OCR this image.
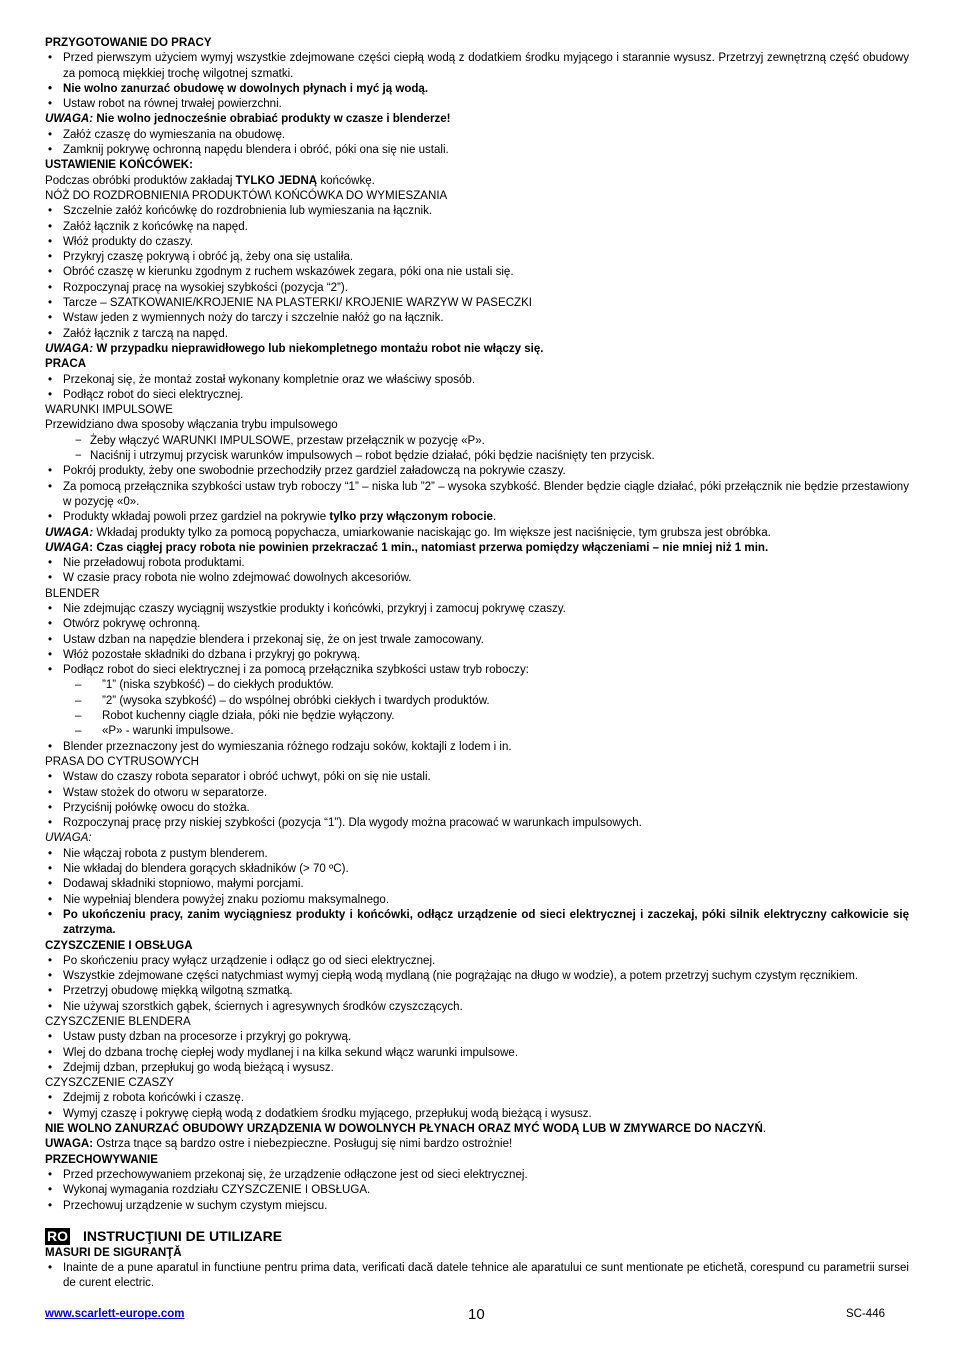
PRZYGOTOWANIE DO PRACY
• Przed pierwszym użyciem wymyj wszystkie zdejmowane części ciepłą wodą z dodatkiem środku myjącego i starannie wysusz. Przetrzyj zewnętrzną część obudowy za pomocą miękkiej trochę wilgotnej szmatki.
• Nie wolno zanurzać obudowę w dowolnych płynach i myć ją wodą.
• Ustaw robot na równej trwałej powierzchni.
UWAGA: Nie wolno jednocześnie obrabiać produkty w czasze i blenderze!
• Załóż czaszę do wymieszania na obudowę.
• Zamknij pokrywę ochronną napędu blendera i obróć, póki ona się nie ustali.
USTAWIENIE KOŃCÓWEK:
Podczas obróbki produktów zakładaj TYLKO JEDNĄ końcówkę.
NÓŻ DO ROZDROBNIENIA PRODUKTÓW\ KOŃCÓWKA DO WYMIESZANIA
• Szczelnie załóż końcówkę do rozdrobnienia lub wymieszania na łącznik.
• Załóż łącznik z końcówkę na napęd.
• Włóż produkty do czaszy.
• Przykryj czaszę pokrywą i obróć ją, żeby ona się ustaliła.
• Obróć czaszę w kierunku zgodnym z ruchem wskazówek zegara, póki ona nie ustali się.
• Rozpoczynaj pracę na wysokiej szybkości (pozycja “2”).
• Tarcze – SZATKOWANIE/KROJENIE NA PLASTERKI/ KROJENIE WARZYW W PASECZKI
• Wstaw jeden z wymiennych noży do tarczy i szczelnie nałóż go na łącznik.
• Załóż łącznik z tarczą na napęd.
UWAGA: W przypadku nieprawidłowego lub niekompletnego montażu robot nie włączy się.
PRACA
• Przekonaj się, że montaż został wykonany kompletnie oraz we właściwy sposób.
• Podłącz robot do sieci elektrycznej.
WARUNKI IMPULSOWE
Przewidziano dwa sposoby włączania trybu impulsowego
− Żeby włączyć WARUNKI IMPULSOWE, przestaw przełącznik w pozycję «P».
− Naciśnij i utrzymuj przycisk warunków impulsowych – robot będzie działać, póki będzie naciśnięty ten przycisk.
• Pokrój produkty, żeby one swobodnie przechodziły przez gardziel załadowczą na pokrywie czaszy.
• Za pomocą przełącznika szybkości ustaw tryb roboczy “1” – niska lub ”2” – wysoka szybkość. Blender będzie ciągle działać, póki przełącznik nie będzie przestawiony w pozycję «0».
• Produkty wkładaj powoli przez gardziel na pokrywie tylko przy włączonym robocie.
UWAGA: Wkładaj produkty tylko za pomocą popychacza, umiarkowanie naciskając go. Im większe jest naciśnięcie, tym grubsza jest obróbka.
UWAGA: Czas ciągłej pracy robota nie powinien przekraczać 1 min., natomiast przerwa pomiędzy włączeniami – nie mniej niż 1 min.
• Nie przeładowuj robota produktami.
• W czasie pracy robota nie wolno zdejmować dowolnych akcesoriów.
BLENDER
• Nie zdejmując czaszy wyciągnij wszystkie produkty i końcówki, przykryj i zamocuj pokrywę czaszy.
• Otwórz pokrywę ochronną.
• Ustaw dzban na napędzie blendera i przekonaj się, że on jest trwale zamocowany.
• Włóż pozostałe składniki do dzbana i przykryj go pokrywą.
• Podłącz robot do sieci elektrycznej i za pomocą przełącznika szybkości ustaw tryb roboczy:
– ”1” (niska szybkość) – do ciekłych produktów.
– ”2” (wysoka szybkość) – do wspólnej obróbki ciekłych i twardych produktów.
– Robot kuchenny ciągle działa, póki nie będzie wyłączony.
– «P» - warunki impulsowe.
• Blender przeznaczony jest do wymieszania różnego rodzaju soków, koktajli z lodem i in.
PRASA DO CYTRUSOWYCH
• Wstaw do czaszy robota separator i obróć uchwyt, póki on się nie ustali.
• Wstaw stożek do otworu w separatorze.
• Przyciśnij połówkę owocu do stożka.
• Rozpoczynaj pracę przy niskiej szybkości (pozycja “1”). Dla wygody można pracować w warunkach impulsowych.
UWAGA:
• Nie włączaj robota z pustym blenderem.
• Nie wkładaj do blendera gorących składników (> 70 ºC).
• Dodawaj składniki stopniowo, małymi porcjami.
• Nie wypełniaj blendera powyżej znaku poziomu maksymalnego.
• Po ukończeniu pracy, zanim wyciągniesz produkty i końcówki, odłącz urządzenie od sieci elektrycznej i zaczekaj, póki silnik elektryczny całkowicie się zatrzyma.
CZYSZCZENIE I OBSŁUGA
• Po skończeniu pracy wyłącz urządzenie i odłącz go od sieci elektrycznej.
• Wszystkie zdejmowane części natychmiast wymyj ciepłą wodą mydlaną (nie pogrążając na długo w wodzie), a potem przetrzyj suchym czystym ręcznikiem.
• Przetrzyj obudowę miękką wilgotną szmatką.
• Nie używaj szorstkich gąbek, ściernych i agresywnych środków czyszczących.
CZYSZCZENIE BLENDERA
• Ustaw pusty dzban na procesorze i przykryj go pokrywą.
• Wlej do dzbana trochę ciepłej wody mydlanej i na kilka sekund włącz warunki impulsowe.
• Zdejmij dzban, przepłukuj go wodą bieżącą i wysusz.
CZYSZCZENIE CZASZY
• Zdejmij z robota końcówki i czaszę.
• Wymyj czaszę i pokrywę ciepłą wodą z dodatkiem środku myjącego, przepłukuj wodą bieżącą i wysusz.
NIE WOLNO ZANURZAĆ OBUDOWY URZĄDZENIA W DOWOLNYCH PŁYNACH ORAZ MYĆ WODĄ LUB W ZMYWARCE DO NACZYŃ.
UWAGA: Ostrza tnące są bardzo ostre i niebezpieczne. Posługuj się nimi bardzo ostrożnie!
PRZECHOWYWANIE
• Przed przechowywaniem przekonaj się, że urządzenie odłączone jest od sieci elektrycznej.
• Wykonaj wymagania rozdziału CZYSZCZENIE I OBSŁUGA.
• Przechowuj urządzenie w suchym czystym miejscu.
RO INSTRUCŢIUNI DE UTILIZARE
MASURI DE SIGURANŢĂ
• Inainte de a pune aparatul in functiune pentru prima data, verificati dacă datele tehnice ale aparatului ce sunt mentionate pe etichetă, corespund cu parametrii sursei de curent electric.
www.scarlett-europe.com	10	SC-446
